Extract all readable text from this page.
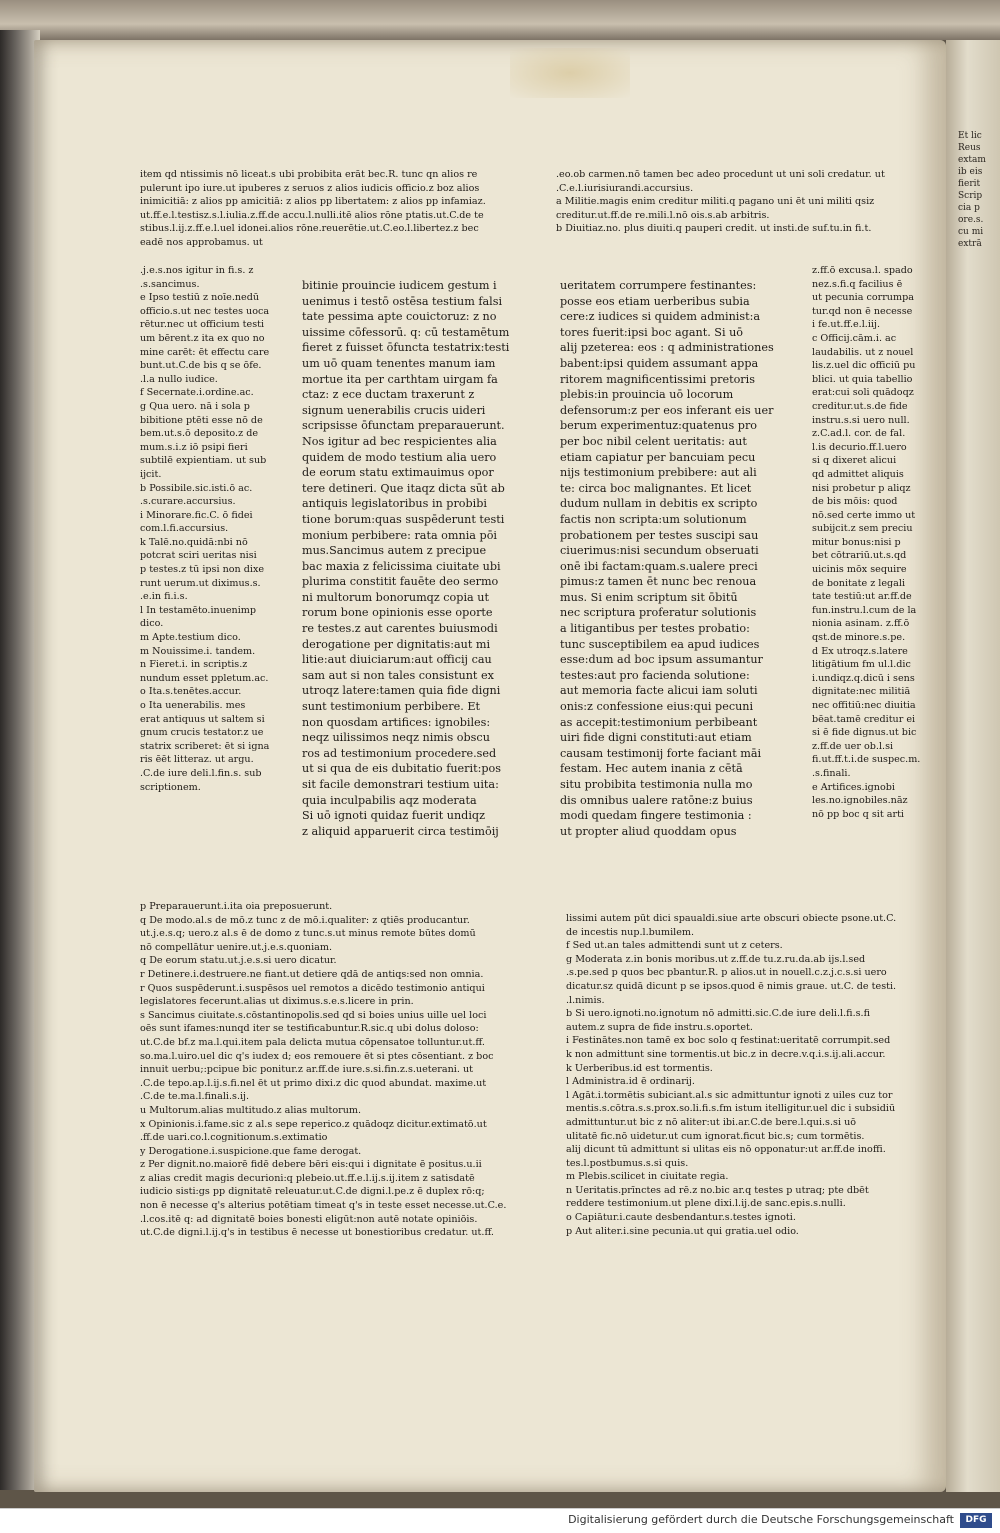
Et lic
Reus
extam
ib eis
fierit
Scrip
cia p
ore.s.
cu mi
extrā
item qd ntissimis nō liceat.s ubi probibita erāt bec.R. tunc qn alios re
pulerunt ipo iure.ut ipuberes z seruos z alios iudicis officio.z boz alios
inimicitiā: z alios pp amicitiā: z alios pp libertatem: z alios pp infamiaz.
ut.ff.e.l.testisz.s.l.iulia.z.ff.de accu.l.nulli.itē alios rōne ptatis.ut.C.de te
stibus.l.ij.z.ff.e.l.uel idonei.alios rōne.reuerētie.ut.C.eo.l.libertez.z bec
eadē nos approbamus. ut
.eo.ob carmen.nō tamen bec adeo procedunt ut uni soli credatur. ut
.C.e.l.iurisiurandi.accursius.
a Militie.magis enim creditur militi.q pagano uni ēt uni militi qsiz
creditur.ut.ff.de re.mili.l.nō ois.s.ab arbitris.
b Diuitiaz.no. plus diuiti.q pauperi credit. ut insti.de suf.tu.in fi.t.
.j.e.s.nos igitur in fi.s. z
.s.sancimus.
e Ipso testiū z noīe.nedū
officio.s.ut nec testes uoca
rētur.nec ut officium testi
um bērent.z ita ex quo no
mine carēt: ēt effectu care
bunt.ut.C.de bis q se ōfe.
.l.a nullo iudice.
f Secernate.i.ordine.ac.
g Qua uero. nā i sola p
bibitione ptēti esse nō de
bem.ut.s.ō deposito.z de
mum.s.i.z iō psipi fieri
subtilē expientiam. ut sub
ijcit.
b Possibile.sic.isti.ō ac.
.s.curare.accursius.
i Minorare.fic.C. ō fidei
com.l.fi.accursius.
k Talē.no.quidā:nbi nō
potcrat sciri ueritas nisi
p testes.z tū ipsi non dixe
runt uerum.ut diximus.s.
.e.in fi.i.s.
l In testamēto.inuenimp
dico.
m Apte.testium dico.
m Nouissime.i. tandem.
n Fieret.i. in scriptis.z
nundum esset ppletum.ac.
o Ita.s.tenētes.accur.
o Ita uenerabilis. mes
erat antiquus ut saltem si
gnum crucis testator.z ue
statrix scriberet: ēt si igna
ris ēēt litteraz. ut argu.
.C.de iure deli.l.fin.s. sub
scriptionem.
bitinie prouincie iudicem gestum i
uenimus i testō ostēsa testium falsi
tate pessima apte couictoruz: z no
uissime cōfessorū. q: cū testamētum
fieret z fuisset ōfuncta testatrix:testi
um uō quam tenentes manum iam
mortue ita per carthtam uirgam fa
ctaz: z ece ductam traxerunt z
signum uenerabilis crucis uideri
scripsisse ōfunctam preparauerunt.
Nos igitur ad bec respicientes alia
quidem de modo testium alia uero
de eorum statu extimauimus opor
tere detineri. Que itaqz dicta sūt ab
antiquis legislatoribus in probibi
tione borum:quas suspēderunt testi
monium perbibere: rata omnia pōi
mus.Sancimus autem z precipue
bac maxia z felicissima ciuitate ubi
plurima constitit fauēte deo sermo
ni multorum bonorumqz copia ut
rorum bone opinionis esse oporte
re testes.z aut carentes buiusmodi
derogatione per dignitatis:aut mi
litie:aut diuiciarum:aut officij cau
sam aut si non tales consistunt ex
utroqz latere:tamen quia fide digni
sunt testimonium perbibere. Et
non quosdam artifices: ignobiles:
neqz uilissimos neqz nimis obscu
ros ad testimonium procedere.sed
ut si qua de eis dubitatio fuerit:pos
sit facile demonstrari testium uita:
quia inculpabilis aqz moderata
Si uō ignoti quidaz fuerit undiqz
z aliquid apparuerit circa testimōij
ueritatem corrumpere festinantes:
posse eos etiam uerberibus subia
cere:z iudices si quidem administ:a
tores fuerit:ipsi boc agant. Si uō
alij pzeterea: eos : q administrationes
babent:ipsi quidem assumant appa
ritorem magnificentissimi pretoris
plebis:in prouincia uō locorum
defensorum:z per eos inferant eis uer
berum experimentuz:quatenus pro
per boc nibil celent ueritatis: aut
etiam capiatur per bancuiam pecu
nijs testimonium prebibere: aut ali
te: circa boc malignantes. Et licet
dudum nullam in debitis ex scripto
factis non scripta:um solutionum
probationem per testes suscipi sau
ciuerimus:nisi secundum obseruati
onē ibi factam:quam.s.ualere preci
pimus:z tamen ēt nunc bec renoua
mus. Si enim scriptum sit ōbitū
nec scriptura proferatur solutionis
a litigantibus per testes probatio:
tunc susceptibilem ea apud iudices
esse:dum ad boc ipsum assumantur
testes:aut pro facienda solutione:
aut memoria facte alicui iam soluti
onis:z confessione eius:qui pecuni
as accepit:testimonium perbibeant
uiri fide digni constituti:aut etiam
causam testimonij forte faciant māi
festam. Hec autem inania z cētā
situ probibita testimonia nulla mo
dis omnibus ualere ratōne:z buius
modi quedam fingere testimonia :
ut propter aliud quoddam opus
z.ff.ō excusa.l. spado
nez.s.fi.q facilius ē
ut pecunia corrumpa
tur.qd non ē necesse
i fe.ut.ff.e.l.iij.
c Officij.cām.i. ac
laudabilis. ut z nouel
lis.z.uel dic officiū pu
blici. ut quia tabellio
erat:cui soli quādoqz
creditur.ut.s.de fide
instru.s.si uero null.
z.C.ad.l. cor. de fal.
l.is decurio.ff.l.uero
si q dixeret alicui
qd admittet aliquis
nisi probetur p aliqz
de bis mōis: quod
nō.sed certe immo ut
subijcit.z sem preciu
mitur bonus:nisi p
bet cōtrariū.ut.s.qd
uicinis mōx sequire
de bonitate z legali
tate testiū:ut ar.ff.de
fun.instru.l.cum de la
nionia asinam. z.ff.ō
qst.de minore.s.pe.
d Ex utroqz.s.latere
litigātium fm ul.l.dic
i.undiqz.q.dicū i sens
dignitate:nec militiā
nec offitiū:nec diuitia
bēat.tamē creditur ei
si ē fide dignus.ut bic
z.ff.de uer ob.l.si
fi.ut.ff.t.i.de suspec.m.
.s.finali.
e Artifices.ignobi
les.no.ignobiles.nāz
nō pp boc q sit arti
p Preparauerunt.i.ita oia preposuerunt.
q De modo.al.s de mō.z tunc z de mō.i.qualiter: z qtiēs producantur.
ut.j.e.s.q; uero.z al.s ē de domo z tunc.s.ut minus remote būtes domū
nō compellātur uenire.ut.j.e.s.quoniam.
q De eorum statu.ut.j.e.s.si uero dicatur.
r Detinere.i.destruere.ne fiant.ut detiere qdā de antiqs:sed non omnia.
r Quos suspēderunt.i.suspēsos uel remotos a dicēdo testimonio antiqui
legislatores fecerunt.alias ut diximus.s.e.s.licere in prin.
s Sancimus ciuitate.s.cōstantinopolis.sed qd si boies unius uille uel loci
oēs sunt ifames:nunqd iter se testificabuntur.R.sic.q ubi dolus doloso:
ut.C.de bf.z ma.l.qui.item pala delicta mutua cōpensatoe tolluntur.ut.ff.
so.ma.l.uiro.uel dic q's iudex d; eos remouere ēt si ptes cōsentiant. z boc
innuit uerbu;:pcipue bic ponitur.z ar.ff.de iure.s.si.fin.z.s.ueterani. ut
.C.de tepo.ap.l.ij.s.fi.nel ēt ut primo dixi.z dic quod abundat. maxime.ut
.C.de te.ma.l.finali.s.ij.
u Multorum.alias multitudo.z alias multorum.
x Opinionis.i.fame.sic z al.s sepe reperico.z quādoqz dicitur.extimatō.ut
.ff.de uari.co.l.cognitionum.s.extimatio
y Derogatione.i.suspicione.que fame derogat.
z Per dignit.no.maiorē fidē debere bēri eis:qui i dignitate ē positus.u.ii
z alias credit magis decurioni:q plebeio.ut.ff.e.l.ij.s.ij.item z satisdatē
iudicio sisti:gs pp dignitatē releuatur.ut.C.de digni.l.pe.z ē duplex rō:q;
non ē necesse q's alterius potētiam timeat q's in teste esset necesse.ut.C.e.
.l.cos.itē q: ad dignitatē boies bonesti eligūt:non autē notate opiniōis.
ut.C.de digni.l.ij.q's in testibus ē necesse ut bonestioribus credatur. ut.ff.
lissimi autem pūt dici spaualdi.siue arte obscuri obiecte psone.ut.C.
de incestis nup.l.bumilem.
f Sed ut.an tales admittendi sunt ut z ceters.
g Moderata z.in bonis moribus.ut z.ff.de tu.z.ru.da.ab ijs.l.sed
.s.pe.sed p quos bec pbantur.R. p alios.ut in nouell.c.z.j.c.s.si uero
dicatur.sz quidā dicunt p se ipsos.quod ē nimis graue. ut.C. de testi.
.l.nimis.
b Si uero.ignoti.no.ignotum nō admitti.sic.C.de iure deli.l.fi.s.fi
autem.z supra de fide instru.s.oportet.
i Festinātes.non tamē ex boc solo q festinat:ueritatē corrumpit.sed
k non admittunt sine tormentis.ut bic.z in decre.v.q.i.s.ij.ali.accur.
k Uerberibus.id est tormentis.
l Administra.id ē ordinarij.
l Agāt.i.tormētis subiciant.al.s sic admittuntur ignoti z uiles cuz tor
mentis.s.cōtra.s.s.prox.so.li.fi.s.fm istum itelligitur.uel dic i subsidiū
admittuntur.ut bic z nō aliter:ut ibi.ar.C.de bere.l.qui.s.si uō
ulitatē fic.nō uidetur.ut cum ignorat.ficut bic.s; cum tormētis.
alij dicunt tū admittunt si ulitas eis nō opponatur:ut ar.ff.de inoffi.
tes.l.postbumus.s.si quis.
m Plebis.scilicet in ciuitate regia.
n Ueritatis.prīnctes ad rē.z no.bic ar.q testes p utraq; pte dbēt
reddere testimonium.ut plene dixi.l.ij.de sanc.epis.s.nulli.
o Capiātur.i.caute desbendantur.s.testes ignoti.
p Aut aliter.i.sine pecunia.ut qui gratia.uel odio.
Digitalisierung gefördert durch die Deutsche Forschungsgemeinschaft	DFG
